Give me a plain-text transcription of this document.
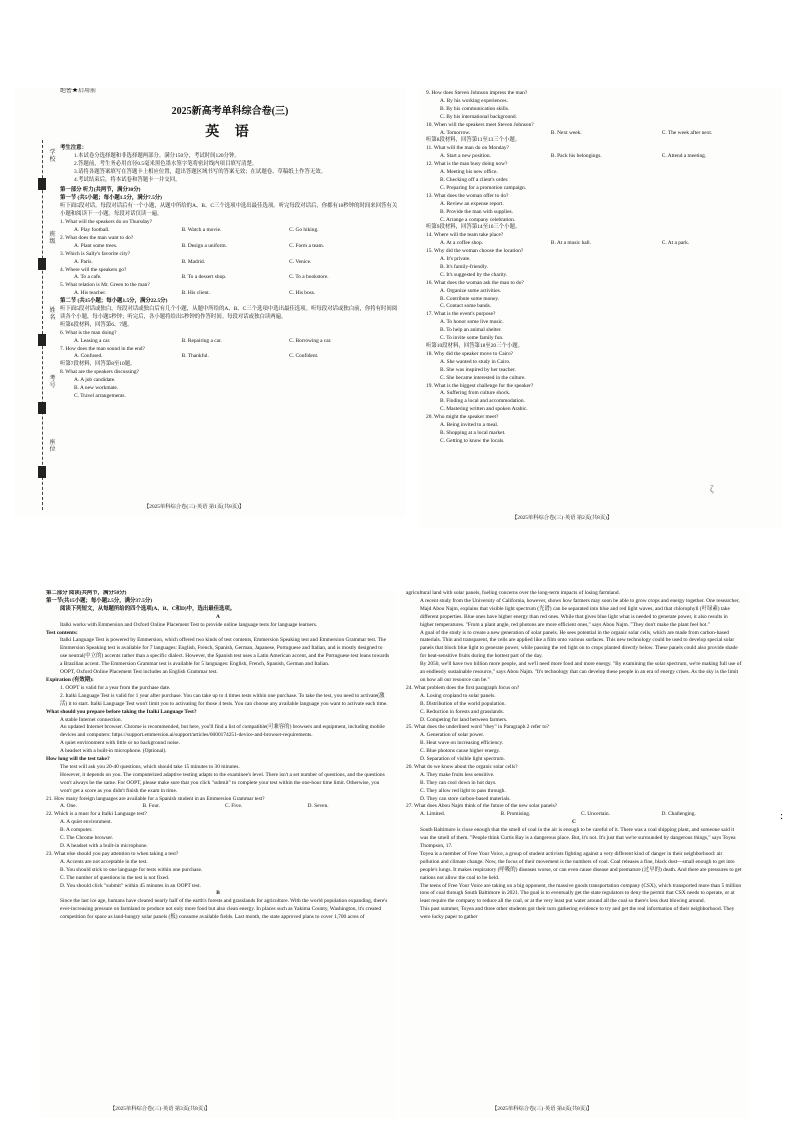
学 校
班 级
姓 名
考 号
座 位
绝密★启用前
2025新高考单科综合卷(三)
英 语

考生注意：

1.本试卷分选择题和非选择题两部分。满分150分，考试时间120分钟。

2.答题前，考生务必用直径0.5毫米黑色墨水签字笔将密封线内项目填写清楚。

3.请将各题答案填写在答题卡上相应位置，超出答题区域书写的答案无效；在试题卷、草稿纸上作答无效。

4.考试结束后，将本试卷和答题卡一并交回。

第一部分 听力(共两节，满分30分)

第一节 (共5小题；每小题1.5分，满分7.5分)

听下面5段对话。每段对话后有一个小题，从题中所给的A、B、C三个选项中选出最佳选项。听完每段对话后，你都有10秒钟的时间来回答有关小题和阅读下一小题。每段对话仅读一遍。

1. What will the speakers do on Thursday?

A. Play football.	B. Watch a movie.	C. Go hiking.

2. What does the man want to do?

A. Plant some trees.	B. Design a uniform.	C. Form a team.

3. Which is Sally's favorite city?

A. Paris.	B. Madrid.	C. Venice.

4. Where will the speakers go?

A. To a cafe.	B. To a dessert shop.	C. To a bookstore.

5. What relation is Mr. Green to the man?

A. His teacher.	B. His client.	C. His boss.

第二节 (共15小题；每小题1.5分，满分22.5分)

听下面5段对话或独白。每段对话或独白后有几个小题，从题中所给的A、B、C三个选项中选出最佳选项。听每段对话或独白前，你将有时间阅读各个小题，每小题5秒钟；听完后，各小题将给出5秒钟的作答时间。每段对话或独白读两遍。

听第6段材料，回答第6、7题。

6. What is the man doing?

A. Leasing a car.	B. Repairing a car.	C. Borrowing a car.

7. How does the man sound in the end?

A. Confused.	B. Thankful.	C. Confident.

听第7段材料，回答第8至10题。

8. What are the speakers discussing?

A. A job candidate.

B. A new workmate.

C. Travel arrangements.

【2025单科综合卷(三)·英语 第1页(共8页)】

9. How does Steven Johnson impress the man?

A. By his working experiences.

B. By his communication skills.

C. By his international background.

10. When will the speakers meet Steven Johnson?

A. Tomorrow.	B. Next week.	C. The week after next.

听第8段材料，回答第11至13三个小题。

11. What will the man do on Monday?

A. Start a new position.	B. Pack his belongings.	C. Attend a meeting.

12. What is the man busy doing now?

A. Meeting his new office.

B. Checking off a client's order.

C. Preparing for a promotion campaign.

13. What does the woman offer to do?

A. Review an expense report.

B. Provide the man with supplies.

C. Arrange a company celebration.

听第9段材料，回答第14至16三个小题。

14. Where will the team take place?

A. At a coffee shop.	B. At a music hall.	C. At a park.

15. Why did the woman choose the location?

A. It's private.

B. It's family-friendly.

C. It's suggested by the charity.

16. What does the woman ask the man to do?

A. Organize some activities.

B. Contribute some money.

C. Contact some bands.

17. What is the event's purpose?

A. To honor some live music.

B. To help an animal shelter.

C. To invite some family fun.

听第10段材料，回答第18至20三个小题。

18. Why did the speaker move to Cairo?

A. She wanted to study in Cairo.

B. She was inspired by her teacher.

C. She became interested in the culture.

19. What is the biggest challenge for the speaker?

A. Suffering from culture shock.

B. Finding a local and accommodation.

C. Mastering written and spoken Arabic.

20. Who might the speaker meet?

A. Being invited to a meal.

B. Shopping at a local market.

C. Getting to know the locals.

ζ
【2025单科综合卷(三)·英语 第2页(共8页)】

第二部分 阅读(共两节，满分50分)

第一节(共15小题；每小题2.5分，满分37.5分)

阅读下列短文，从每题所给的四个选项(A、B、C和D)中，选出最佳选项。

A

Italki works with Emmersion and Oxford Online Placement Test to provide online language tests for language learners.

Test contents:

Italki Language Test is powered by Emmersion, which offered two kinds of test contents, Emmersion Speaking test and Emmersion Grammar test. The Emmersion Speaking test is available for 7 languages: English, French, Spanish, German, Japanese, Portuguese and Italian, and is mostly designed to use neutral(中立的) accents rather than a specific dialect. However, the Spanish test uses a Latin American accent, and the Portuguese test leans towards a Brazilian accent. The Emmersion Grammar test is available for 5 languages: English, French, Spanish, German and Italian.

OOPT, Oxford Online Placement Test includes an English Grammar test.

Expiration (有效期):

1. OOPT is valid for a year from the purchase date.

2. Italki Language Test is valid for 1 year after purchase. You can take up to 4 times tests within one purchase. To take the test, you need to activate(激活) it to start. Italki Language Test won't limit you to activating for those 4 tests. You can choose any available language you want to activate each time.

What should you prepare before taking the Italki Language Test?

A stable Internet connection.

An updated Internet browser. Chrome is recommended, but here, you'll find a list of compatible(可兼容的) browsers and equipment, including mobile devices and computers: https://support.emmersion.ai/support/articles/6000174251-device-and-browser-requirements.

A quiet environment with little or no background noise.

A headset with a built-in microphone. (Optional).

How long will the test take?

The test will ask you 20-40 questions, which should take 15 minutes to 30 minutes.

However, it depends on you. The computerized adaptive testing adapts to the examinee's level. There isn't a set number of questions, and the questions won't always be the same. For OOPT, please make sure that you click "submit" to complete your test within the one-hour time limit. Otherwise, you won't get a score as you didn't finish the exam in time.

21. How many foreign languages are available for a Spanish student in an Emmersion Grammar test?

A. One.	B. Four.	C. Five.	D. Seven.

22. Which is a must for a Italki Language test?

A. A quiet environment.

B. A computer.

C. The Chrome browser.

D. A headset with a built-in microphone.

23. What else should you pay attention to when taking a test?

A. Accents are not acceptable in the test.

B. You should stick to one language for tests within one purchase.

C. The number of questions in the test is not fixed.

D. You should click "submit" within 45 minutes in an OOPT test.

B

Since the last ice age, humans have cleared nearly half of the earth's forests and grasslands for agriculture. With the world population expanding, there's ever-increasing pressure on farmland to produce not only more food but also clean energy. In places such as Yakima County, Washington, it's created competition for space as land-hungry solar panels (板) consume available fields. Last month, the state approved plans to cover 1,700 acres of

【2025单科综合卷(三)·英语 第3页(共8页)】

agricultural land with solar panels, fueling concerns over the long-term impacts of losing farmland.

A recent study from the University of California, however, shows how farmers may soon be able to grow crops and energy together. One researcher, Majd Abou Najm, explains that visible light spectrum (光谱) can be separated into blue and red light waves, and that chlorophyll (叶绿素) take different properties. Blue ones have higher energy than red ones. While that gives blue light what is needed to generate power, it also results in higher temperatures. "From a plant angle, red photons are more efficient ones," says Abou Najm. "They don't make the plant feel hot."

A goal of the study is to create a new generation of solar panels. He sees potential in the organic solar cells, which are made from carbon-based materials. Thin and transparent, the cells are applied like a film onto various surfaces. This new technology could be used to develop special solar panels that block blue light to generate power, while passing the red light on to crops planted directly below. These panels could also provide shade for heat-sensitive fruits during the hottest part of the day.

By 2050, we'll have two billion more people, and we'll need more food and more energy. "By examining the solar spectrum, we're making full use of an endlessly sustainable resource," says Abou Najm. "It's technology that can develop these people in an era of energy crises. As the sky is the limit on how all our resource can be."

24. What problem does the first paragraph focus on?

A. Losing cropland to solar panels.

B. Distribution of the world population.

C. Reduction in forests and grasslands.

D. Competing for land between farmers.

25. What does the underlined word "they" in Paragraph 2 refer to?

A. Generation of solar power.

B. Heat wave on increasing efficiency.

C. Blue photons cause higher energy.

D. Separation of visible light spectrum.

26. What do we know about the organic solar cells?

A. They make fruits less sensitive.

B. They can cool down in hot days.

C. They allow red light to pass through.

D. They can store carbon-based materials.

27. What does Abou Najm think of the future of the new solar panels?

A. Limited.	B. Promising.	C. Uncertain.	D. Challenging.

C

South Baltimore is close enough that the smell of coal in the air is enough to be careful of it. There was a coal shipping plant, and someone said it was the smell of them. "People think Curtis Bay is a dangerous place. But, it's not. It's just that we're surrounded by dangerous things," says Toyea Thompson, 17.

Toyea is a member of Free Your Voice, a group of student activists fighting against a very different kind of danger in their neighborhood: air pollution and climate change. Now, the focus of their movement is the numbers of coal. Coal releases a fine, black dust—small enough to get into people's lungs. It makes respiratory (呼吸的) diseases worse, or can even cause disease and premature (过早的) death. And there are pressures to get nations not allow the coal to be held.

The teens of Free Your Voice are taking on a big opponent, the massive goods transportation company (CSX), which transported more than 5 million tons of coal through South Baltimore in 2021. The goal is to eventually get the state regulators to deny the permit that CSX needs to operate, or at least require the company to reduce all the coal, or at the very least put water around all the coal so there's less dust blowing around.

This past summer, Toyea and three other students got their turn gathering evidence to try and get the real information of their neighborhood. They were lucky paper to gather

【2025单科综合卷(三)·英语 第4页(共8页)】
:
